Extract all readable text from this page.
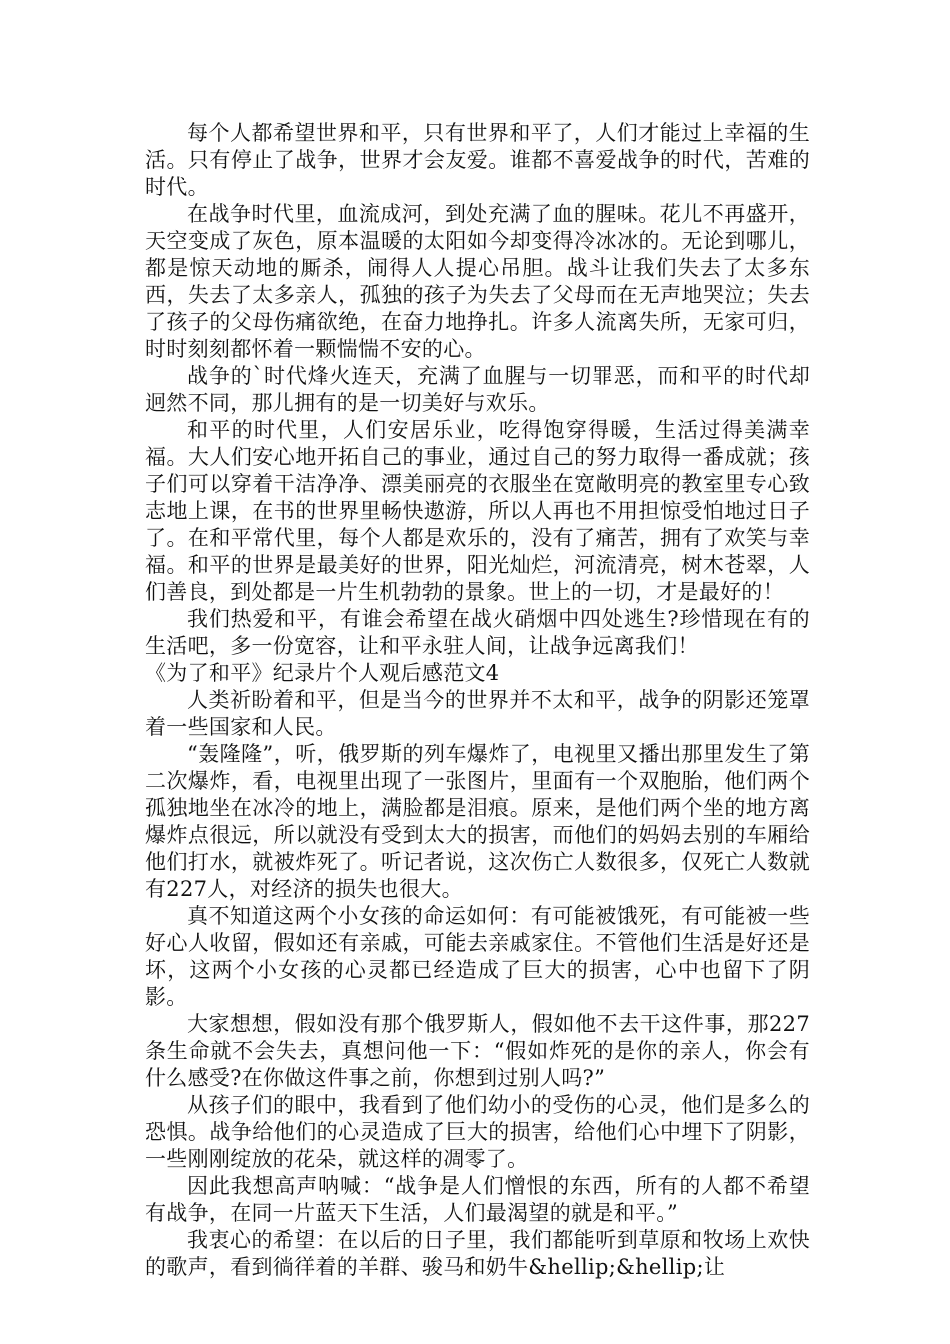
每个人都希望世界和平，只有世界和平了，人们才能过上幸福的生活。只有停止了战争，世界才会友爱。谁都不喜爱战争的时代，苦难的时代。

在战争时代里，血流成河，到处充满了血的腥味。花儿不再盛开，天空变成了灰色，原本温暖的太阳如今却变得冷冰冰的。无论到哪儿，都是惊天动地的厮杀，闹得人人提心吊胆。战斗让我们失去了太多东西，失去了太多亲人，孤独的孩子为失去了父母而在无声地哭泣；失去了孩子的父母伤痛欲绝，在奋力地挣扎。许多人流离失所，无家可归，时时刻刻都怀着一颗惴惴不安的心。

战争的`时代烽火连天，充满了血腥与一切罪恶，而和平的时代却迥然不同，那儿拥有的是一切美好与欢乐。

和平的时代里，人们安居乐业，吃得饱穿得暖，生活过得美满幸福。大人们安心地开拓自己的事业，通过自己的努力取得一番成就；孩子们可以穿着干洁净净、漂美丽亮的衣服坐在宽敞明亮的教室里专心致志地上课，在书的世界里畅快遨游，所以人再也不用担惊受怕地过日子了。在和平常代里，每个人都是欢乐的，没有了痛苦，拥有了欢笑与幸福。和平的世界是最美好的世界，阳光灿烂，河流清亮，树木苍翠，人们善良，到处都是一片生机勃勃的景象。世上的一切，才是最好的！

我们热爱和平，有谁会希望在战火硝烟中四处逃生?珍惜现在有的生活吧，多一份宽容，让和平永驻人间，让战争远离我们！

《为了和平》纪录片个人观后感范文4

人类祈盼着和平，但是当今的世界并不太和平，战争的阴影还笼罩着一些国家和人民。

“轰隆隆”，听，俄罗斯的列车爆炸了，电视里又播出那里发生了第二次爆炸，看，电视里出现了一张图片，里面有一个双胞胎，他们两个孤独地坐在冰冷的地上，满脸都是泪痕。原来，是他们两个坐的地方离爆炸点很远，所以就没有受到太大的损害，而他们的妈妈去别的车厢给他们打水，就被炸死了。听记者说，这次伤亡人数很多，仅死亡人数就有227人，对经济的损失也很大。

真不知道这两个小女孩的命运如何：有可能被饿死，有可能被一些好心人收留，假如还有亲戚，可能去亲戚家住。不管他们生活是好还是坏，这两个小女孩的心灵都已经造成了巨大的损害，心中也留下了阴影。

大家想想，假如没有那个俄罗斯人，假如他不去干这件事，那227条生命就不会失去，真想问他一下：“假如炸死的是你的亲人，你会有什么感受?在你做这件事之前，你想到过别人吗?”

从孩子们的眼中，我看到了他们幼小的受伤的心灵，他们是多么的恐惧。战争给他们的心灵造成了巨大的损害，给他们心中埋下了阴影，一些刚刚绽放的花朵，就这样的凋零了。

因此我想高声呐喊：“战争是人们憎恨的东西，所有的人都不希望有战争，在同一片蓝天下生活，人们最渴望的就是和平。”

我衷心的希望：在以后的日子里，我们都能听到草原和牧场上欢快的歌声，看到徜徉着的羊群、骏马和奶牛&hellip;&hellip;让
